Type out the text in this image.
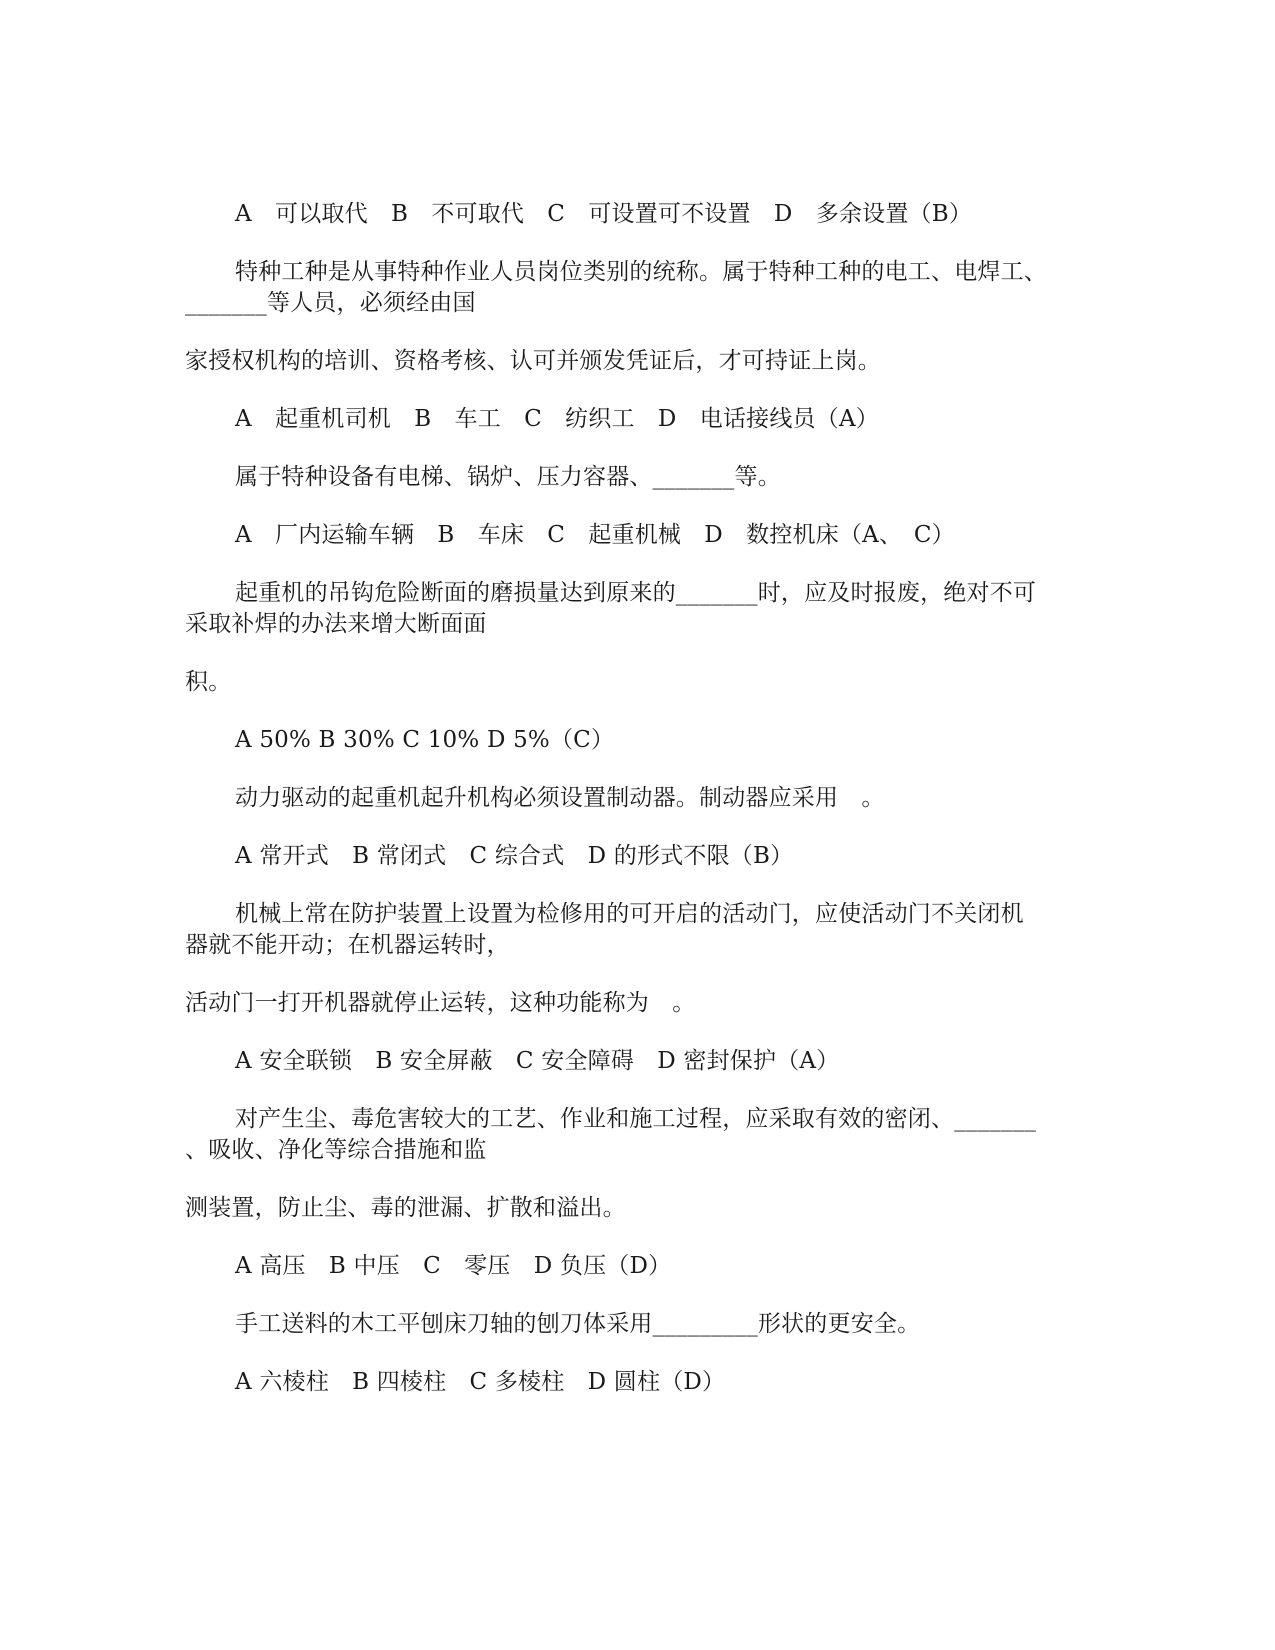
A　可以取代　B　不可取代　C　可设置可不设置　D　多余设置（B）
特种工种是从事特种作业人员岗位类别的统称。属于特种工种的电工、电焊工、
_______等人员，必须经由国
家授权机构的培训、资格考核、认可并颁发凭证后，才可持证上岗。
A　起重机司机　B　车工　C　纺织工　D　电话接线员（A）
属于特种设备有电梯、锅炉、压力容器、_______等。
A　厂内运输车辆　B　车床　C　起重机械　D　数控机床（A、　C）
起重机的吊钩危险断面的磨损量达到原来的_______时，应及时报废，绝对不可
采取补焊的办法来增大断面面
积。
A 50% B 30% C 10% D 5%（C）
动力驱动的起重机起升机构必须设置制动器。制动器应采用　。
A 常开式　B 常闭式　C 综合式　D 的形式不限（B）
机械上常在防护装置上设置为检修用的可开启的活动门，应使活动门不关闭机
器就不能开动；在机器运转时，
活动门一打开机器就停止运转，这种功能称为　。
A 安全联锁　B 安全屏蔽　C 安全障碍　D 密封保护（A）
对产生尘、毒危害较大的工艺、作业和施工过程，应采取有效的密闭、_______
、吸收、净化等综合措施和监
测装置，防止尘、毒的泄漏、扩散和溢出。
A 高压　B 中压　C　零压　D 负压（D）
手工送料的木工平刨床刀轴的刨刀体采用_________形状的更安全。
A 六棱柱　B 四棱柱　C 多棱柱　D 圆柱（D）
